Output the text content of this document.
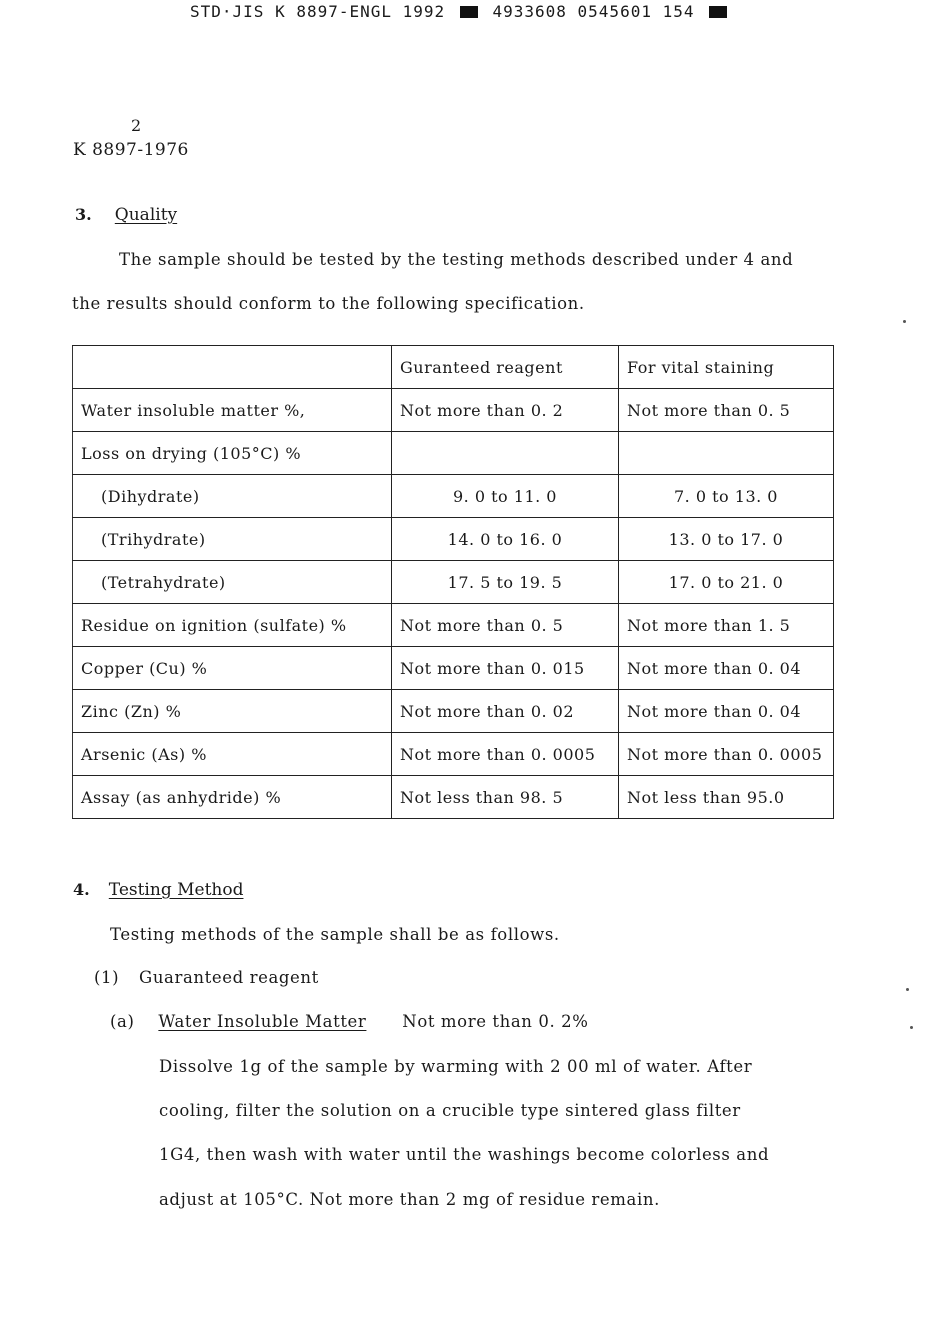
STD·JIS K 8897-ENGL 1992	4933608 0545601 154
2
K 8897-1976
3. Quality
The sample should be tested by the testing methods described under 4 and
the results should conform to the following specification.
	Guranteed reagent	For vital staining
Water insoluble matter %,	Not more than 0. 2	Not more than 0. 5
Loss on drying (105°C) %		
(Dihydrate)	9. 0 to 11. 0	7. 0 to 13. 0
(Trihydrate)	14. 0 to 16. 0	13. 0 to 17. 0
(Tetrahydrate)	17. 5 to 19. 5	17. 0 to 21. 0
Residue on ignition (sulfate) %	Not more than 0. 5	Not more than 1. 5
Copper (Cu) %	Not more than 0. 015	Not more than 0. 04
Zinc (Zn) %	Not more than 0. 02	Not more than 0. 04
Arsenic (As) %	Not more than 0. 0005	Not more than 0. 0005
Assay (as anhydride) %	Not less than 98. 5	Not less than 95.0
4. Testing Method
Testing methods of the sample shall be as follows.
(1) Guaranteed reagent
(a) Water Insoluble Matter Not more than 0. 2%
Dissolve 1g of the sample by warming with 2 00 ml of water. After
cooling, filter the solution on a crucible type sintered glass filter
1G4, then wash with water until the washings become colorless and
adjust at 105°C. Not more than 2 mg of residue remain.
